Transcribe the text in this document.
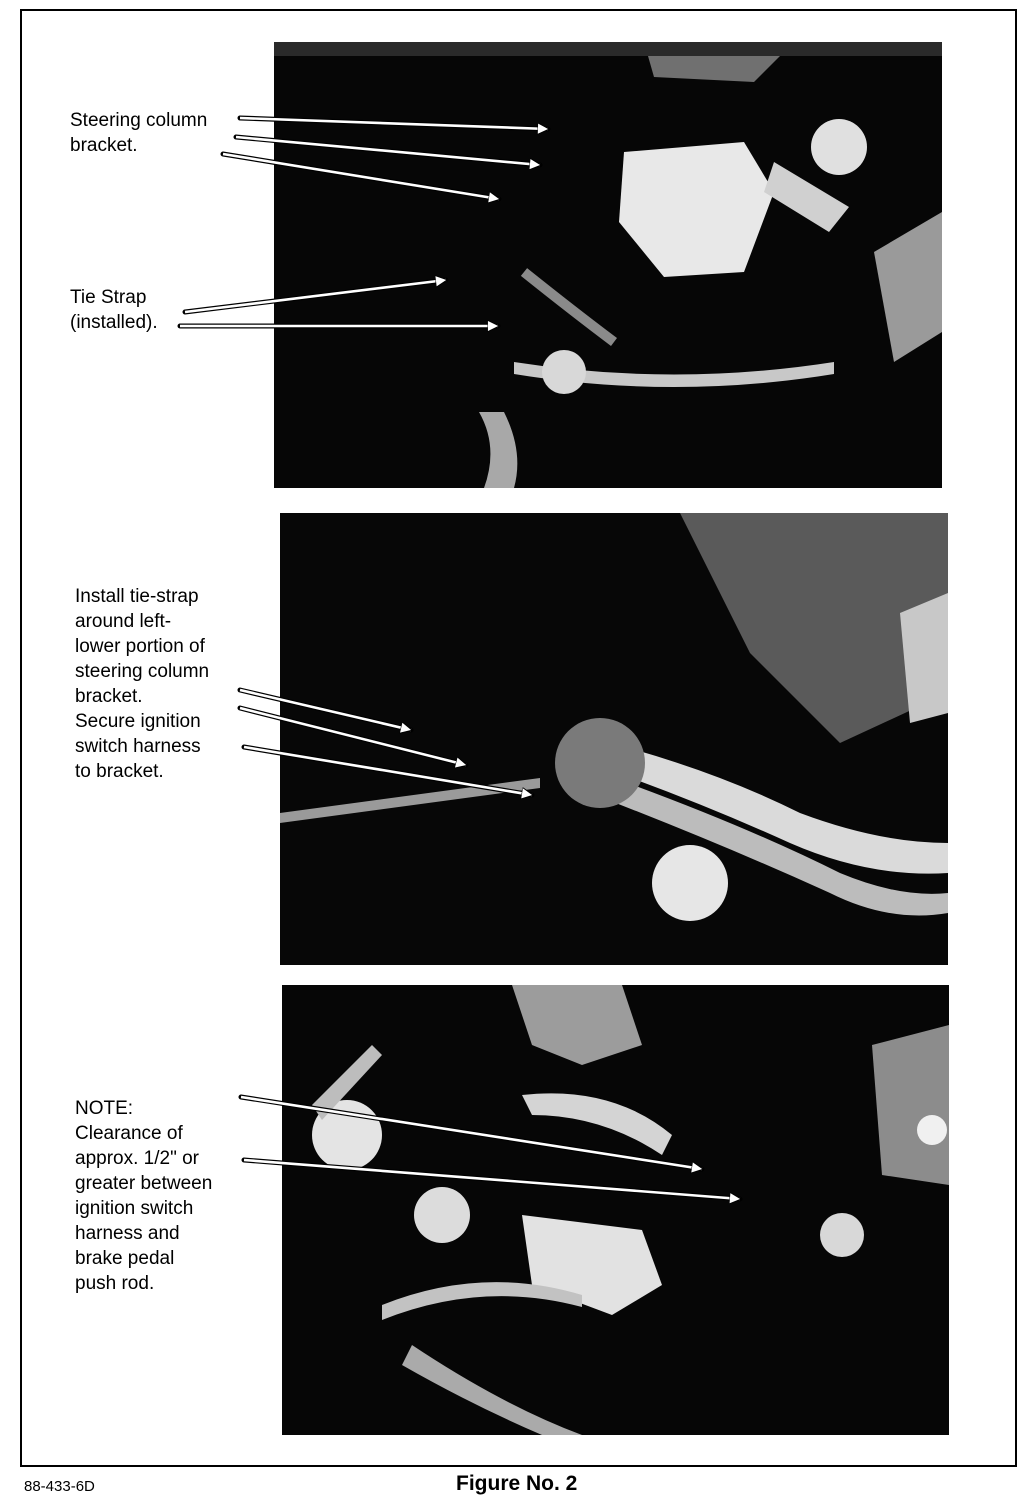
Steering column
bracket.
Tie Strap
(installed).
Install tie-strap
around left-
lower portion of
steering column
bracket.
Secure ignition
switch harness
to bracket.
NOTE:
Clearance of
approx. 1/2" or
greater between
ignition switch
harness and
brake pedal
push rod.
88-433-6D	Figure No. 2
